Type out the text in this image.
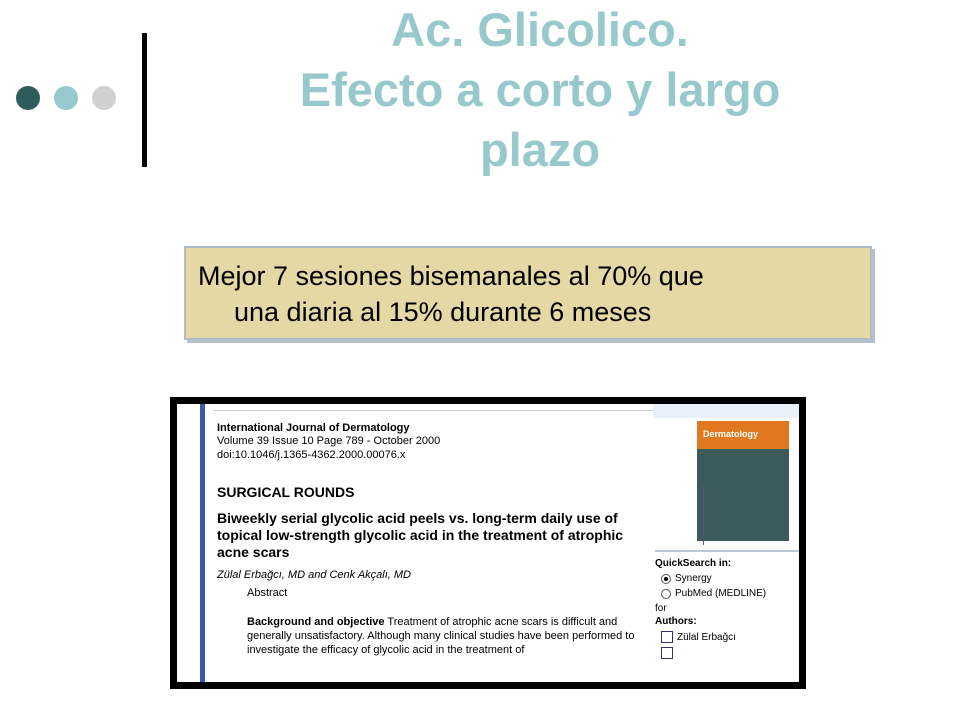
Ac. Glicolico.
Efecto a corto y largo
plazo
Mejor 7 sesiones bisemanales al 70% que
una diaria al 15% durante 6 meses
International Journal of Dermatology
Volume 39 Issue 10 Page 789 - October 2000
doi:10.1046/j.1365-4362.2000.00076.x
SURGICAL ROUNDS
Biweekly serial glycolic acid peels vs. long-term daily use of topical low-strength glycolic acid in the treatment of atrophic acne scars
Zülal Erbağcı, MD and Cenk Akçalı, MD
Abstract
Background and objective Treatment of atrophic acne scars is difficult and generally unsatisfactory. Although many clinical studies have been performed to investigate the efficacy of glycolic acid in the treatment of
Dermatology
QuickSearch in:
Synergy
PubMed (MEDLINE)
for
Authors:
Zülal Erbağcı
